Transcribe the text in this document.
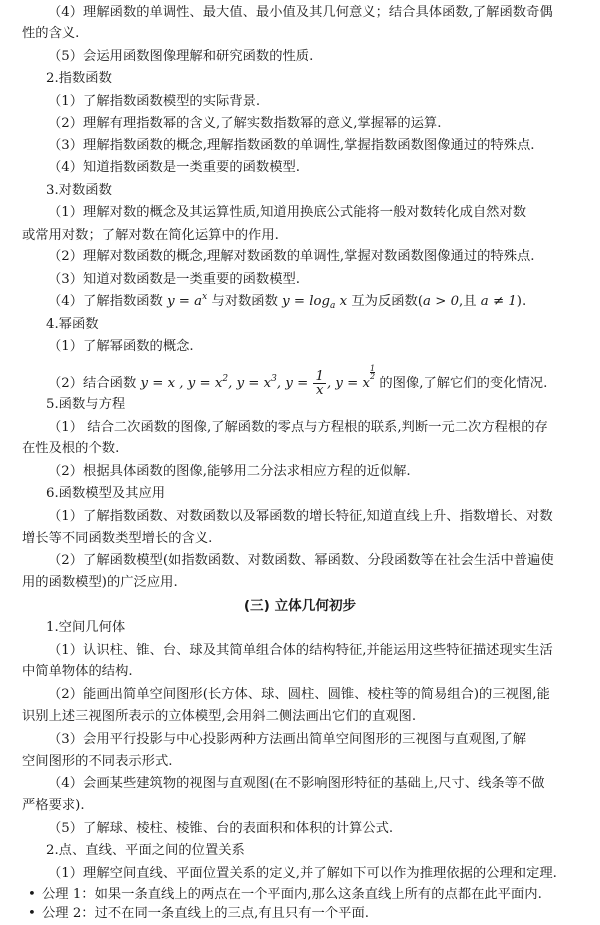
（4）理解函数的单调性、最大值、最小值及其几何意义；结合具体函数,了解函数奇偶
性的含义.
（5）会运用函数图像理解和研究函数的性质.
2.指数函数
（1）了解指数函数模型的实际背景.
（2）理解有理指数幂的含义,了解实数指数幂的意义,掌握幂的运算.
（3）理解指数函数的概念,理解指数函数的单调性,掌握指数函数图像通过的特殊点.
（4）知道指数函数是一类重要的函数模型.
3.对数函数
（1）理解对数的概念及其运算性质,知道用换底公式能将一般对数转化成自然对数
或常用对数；了解对数在简化运算中的作用.
（2）理解对数函数的概念,理解对数函数的单调性,掌握对数函数图像通过的特殊点.
（3）知道对数函数是一类重要的函数模型.
（4）了解指数函数 $y = a^x$ 与对数函数 $y = \log_a x$ 互为反函数(a > 0,且 a ≠ 1).
4.幂函数
（1）了解幂函数的概念.
（2）结合函数 y = x , $y = x^2$, $y = x^3$, $y = \frac{1}{x}$ , y = x
$\frac{1}{2}$
的图像,了解它们的变化情况.
5.函数与方程
（1） 结合二次函数的图像,了解函数的零点与方程根的联系,判断一元二次方程根的存
在性及根的个数.
（2）根据具体函数的图像,能够用二分法求相应方程的近似解.
6.函数模型及其应用
（1）了解指数函数、对数函数以及幂函数的增长特征,知道直线上升、指数增长、对数
增长等不同函数类型增长的含义.
（2）了解函数模型(如指数函数、对数函数、幂函数、分段函数等在社会生活中普遍使
用的函数模型)的广泛应用.
(三) 立体几何初步
1.空间几何体
（1）认识柱、锥、台、球及其简单组合体的结构特征,并能运用这些特征描述现实生活
中简单物体的结构.
（2）能画出简单空间图形(长方体、球、圆柱、圆锥、棱柱等的简易组合)的三视图,能
识别上述三视图所表示的立体模型,会用斜二侧法画出它们的直观图.
（3）会用平行投影与中心投影两种方法画出简单空间图形的三视图与直观图,了解
空间图形的不同表示形式.
（4）会画某些建筑物的视图与直观图(在不影响图形特征的基础上,尺寸、线条等不做
严格要求).
（5）了解球、棱柱、棱锥、台的表面积和体积的计算公式.
2.点、直线、平面之间的位置关系
（1）理解空间直线、平面位置关系的定义,并了解如下可以作为推理依据的公理和定理.
• 公理 1：如果一条直线上的两点在一个平面内,那么这条直线上所有的点都在此平面内.
• 公理 2：过不在同一条直线上的三点,有且只有一个平面.
